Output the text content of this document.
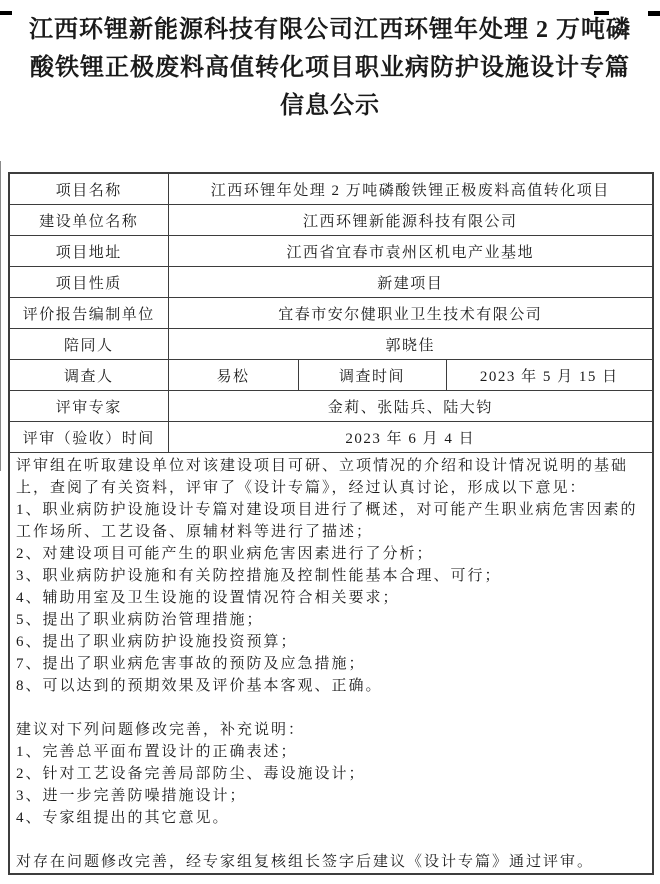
江西环锂新能源科技有限公司江西环锂年处理 2 万吨磷
酸铁锂正极废料高值转化项目职业病防护设施设计专篇
信息公示
项目名称	江西环锂年处理 2 万吨磷酸铁锂正极废料高值转化项目		
建设单位名称	江西环锂新能源科技有限公司		
项目地址	江西省宜春市袁州区机电产业基地		
项目性质	新建项目		
评价报告编制单位	宜春市安尔健职业卫生技术有限公司		
陪同人	郭晓佳		
调查人	易松	调查时间	2023 年 5 月 15 日
评审专家	金莉、张陆兵、陆大钧		
评审（验收）时间	2023 年 6 月 4 日		

评审组在听取建设单位对该建设项目可研、立项情况的介绍和设计情况说明的基础
上，查阅了有关资料，评审了《设计专篇》，经过认真讨论，形成以下意见：
1、职业病防护设施设计专篇对建设项目进行了概述，对可能产生职业病危害因素的
工作场所、工艺设备、原辅材料等进行了描述；
2、对建设项目可能产生的职业病危害因素进行了分析；
3、职业病防护设施和有关防控措施及控制性能基本合理、可行；
4、辅助用室及卫生设施的设置情况符合相关要求；
5、提出了职业病防治管理措施；
6、提出了职业病防护设施投资预算；
7、提出了职业病危害事故的预防及应急措施；
8、可以达到的预期效果及评价基本客观、正确。
建议对下列问题修改完善，补充说明：
1、完善总平面布置设计的正确表述；
2、针对工艺设备完善局部防尘、毒设施设计；
3、进一步完善防噪措施设计；
4、专家组提出的其它意见。
对存在问题修改完善，经专家组复核组长签字后建议《设计专篇》通过评审。
